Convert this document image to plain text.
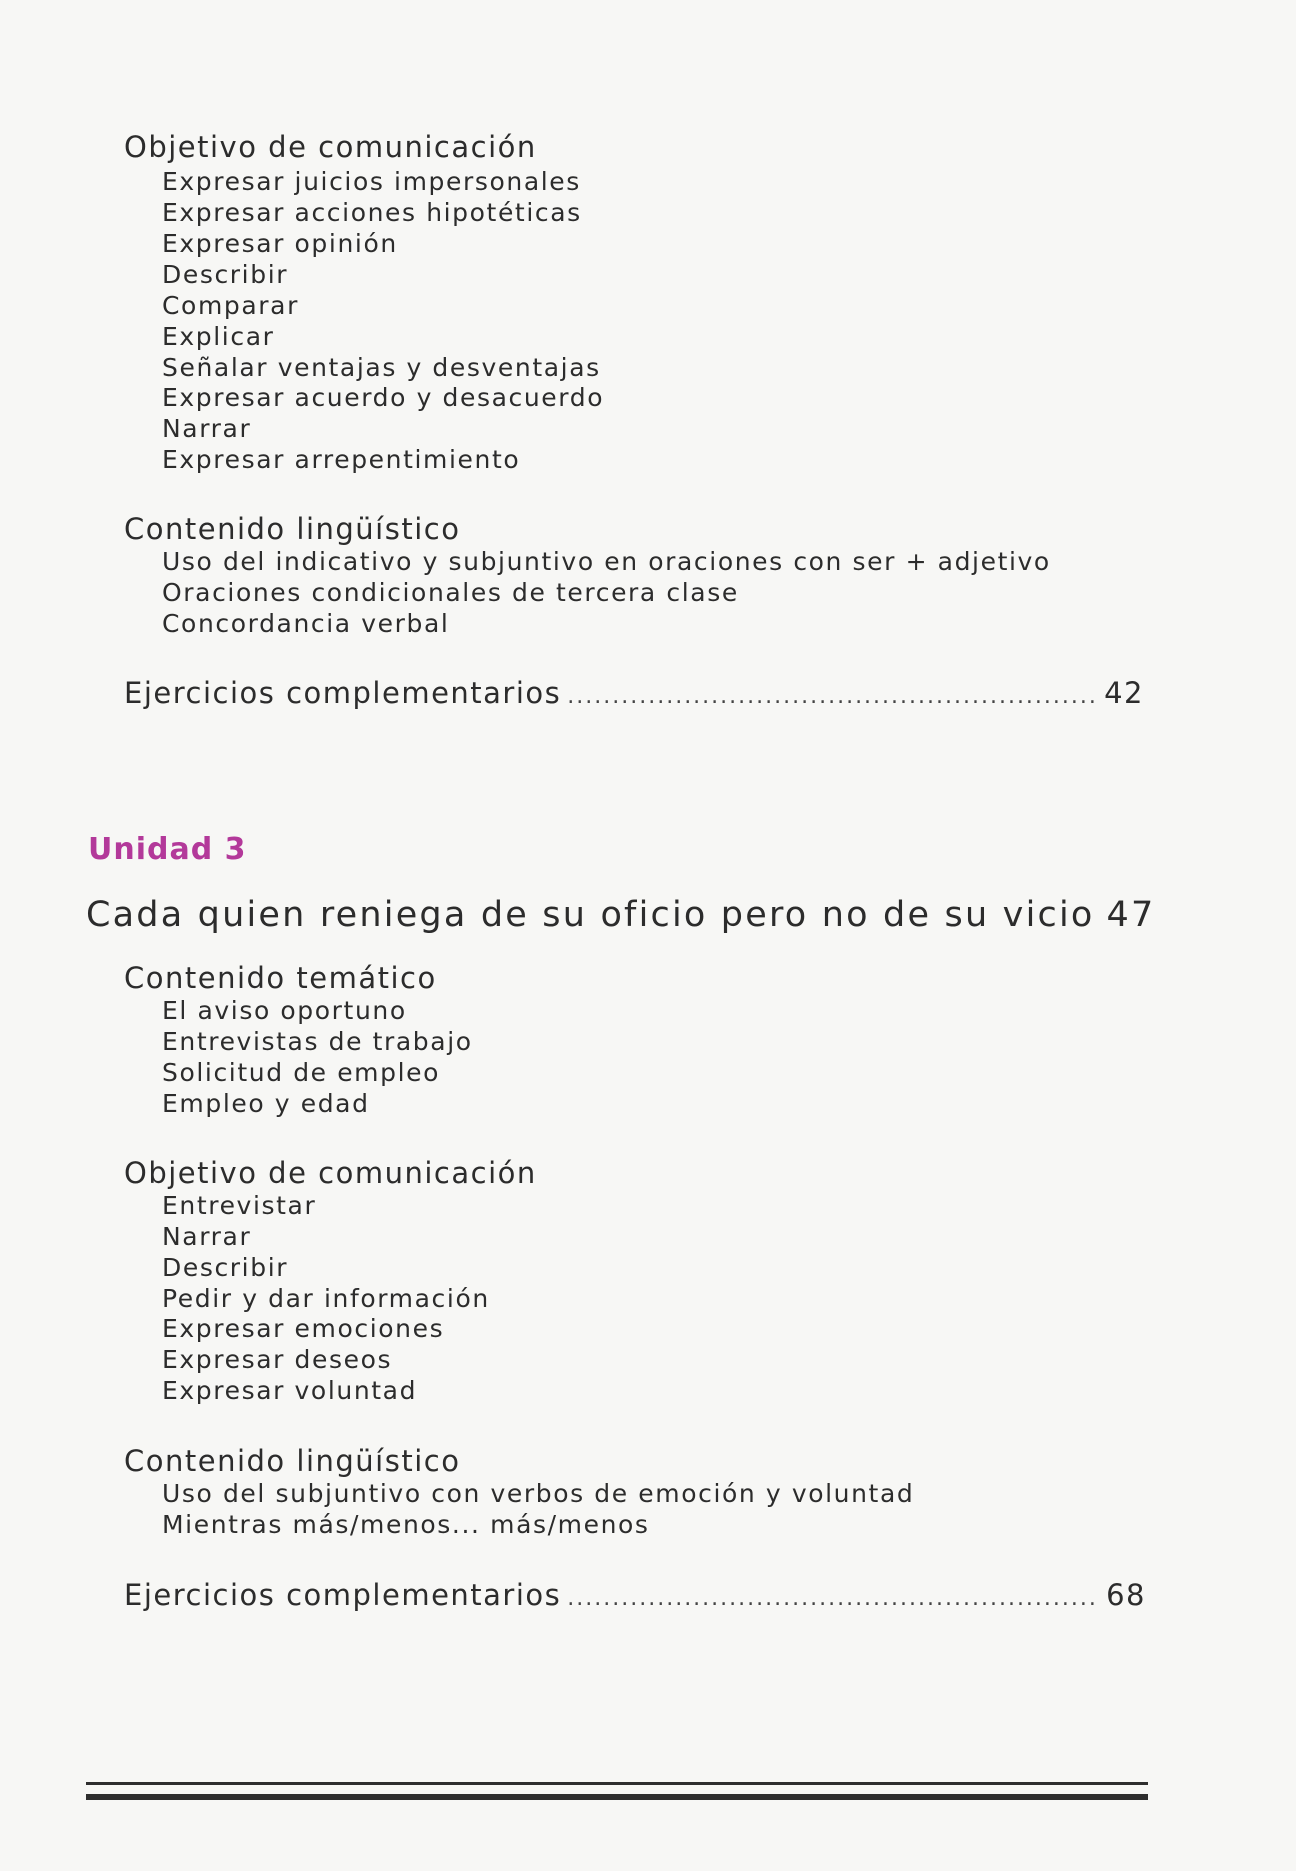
Objetivo de comunicación
Expresar juicios impersonales
Expresar acciones hipotéticas
Expresar opinión
Describir
Comparar
Explicar
Señalar ventajas y desventajas
Expresar acuerdo y desacuerdo
Narrar
Expresar arrepentimiento
Contenido lingüístico
Uso del indicativo y subjuntivo en oraciones con ser + adjetivo
Oraciones condicionales de tercera clase
Concordancia verbal
Ejercicios complementarios .....	42
Unidad 3
Cada quien reniega de su oficio pero no de su vicio 47
Contenido temático
El aviso oportuno
Entrevistas de trabajo
Solicitud de empleo
Empleo y edad
Objetivo de comunicación
Entrevistar
Narrar
Describir
Pedir y dar información
Expresar emociones
Expresar deseos
Expresar voluntad
Contenido lingüístico
Uso del subjuntivo con verbos de emoción y voluntad
Mientras más/menos... más/menos
Ejercicios complementarios .....	68
